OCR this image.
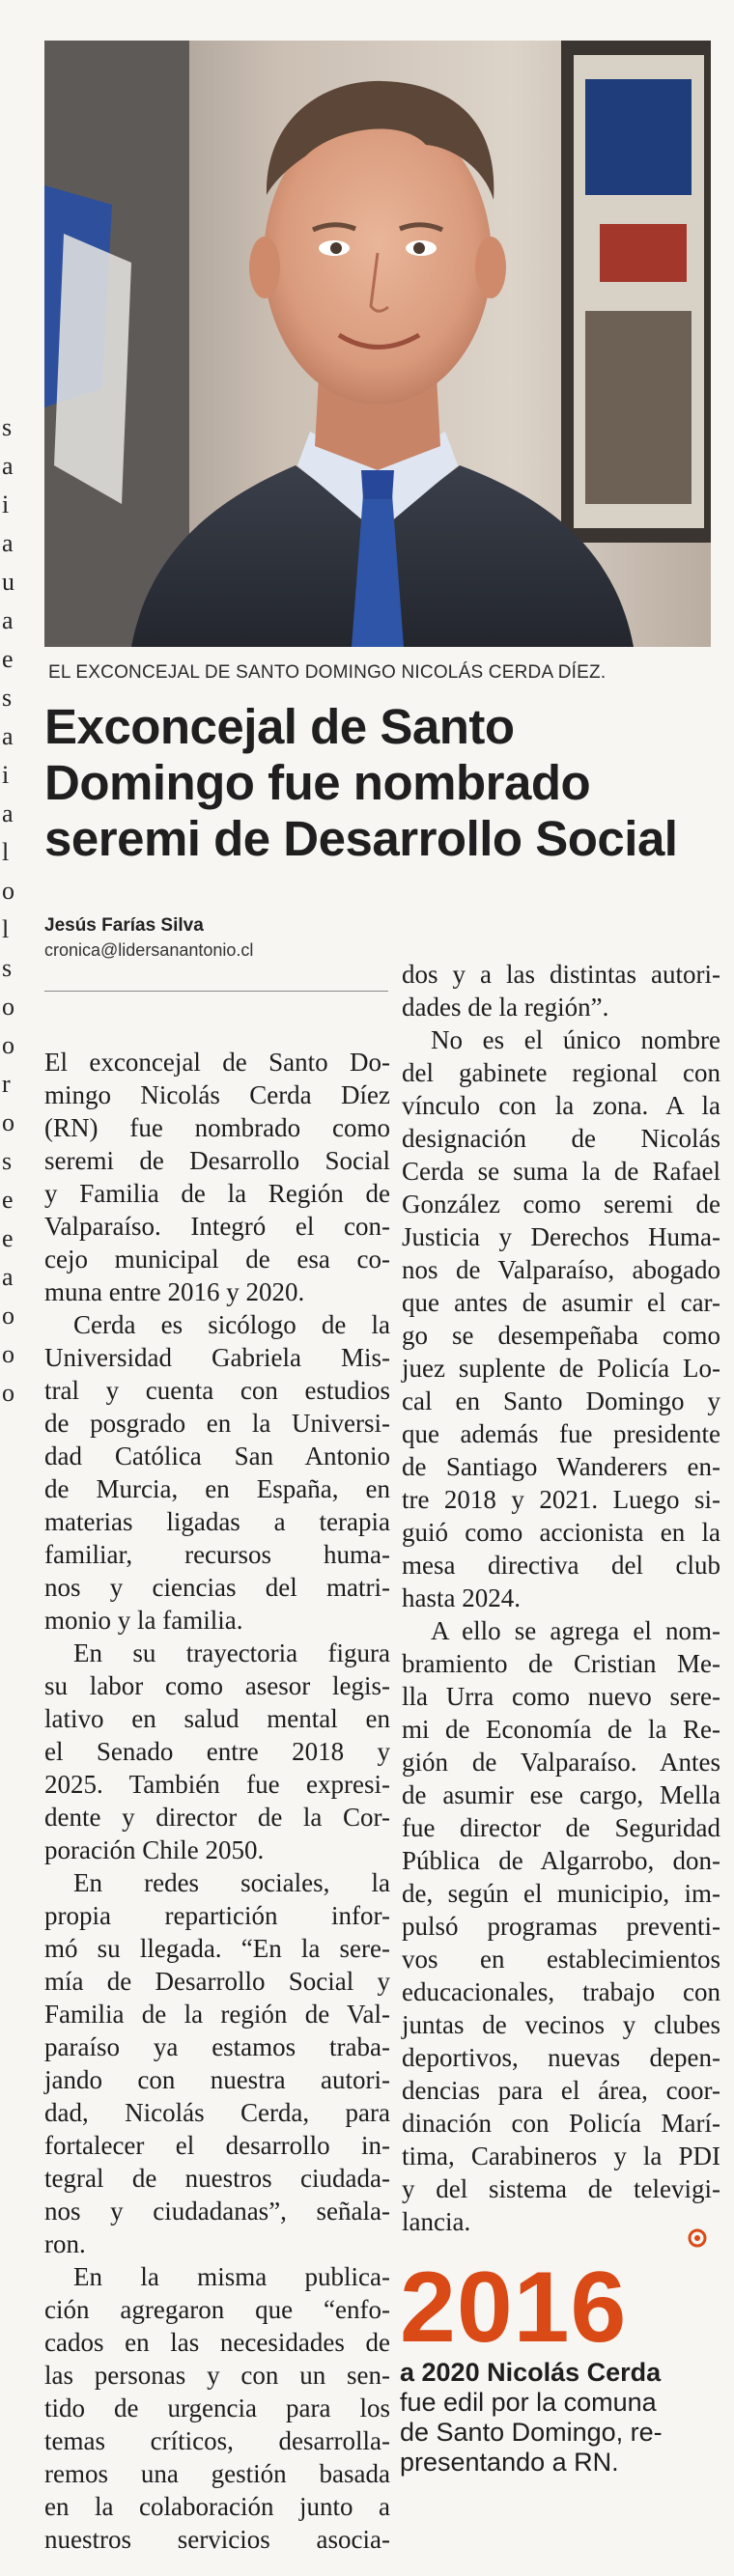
s
a
i
a
u
a
e
s
a
i
a
l
o
l
s
o
o
r
o
s
e
e
a
o
o
o
EL EXCONCEJAL DE SANTO DOMINGO NICOLÁS CERDA DÍEZ.
Exconcejal de Santo
Domingo fue nombrado
seremi de Desarrollo Social
Jesús Farías Silva
cronica@lidersanantonio.cl
El exconcejal de Santo Do-
mingo Nicolás Cerda Díez
(RN) fue nombrado como
seremi de Desarrollo Social
y Familia de la Región de
Valparaíso. Integró el con-
cejo municipal de esa co-
muna entre 2016 y 2020.
Cerda es sicólogo de la
Universidad Gabriela Mis-
tral y cuenta con estudios
de posgrado en la Universi-
dad Católica San Antonio
de Murcia, en España, en
materias ligadas a terapia
familiar, recursos huma-
nos y ciencias del matri-
monio y la familia.
En su trayectoria figura
su labor como asesor legis-
lativo en salud mental en
el Senado entre 2018 y
2025. También fue expresi-
dente y director de la Cor-
poración Chile 2050.
En redes sociales, la
propia repartición infor-
mó su llegada. “En la sere-
mía de Desarrollo Social y
Familia de la región de Val-
paraíso ya estamos traba-
jando con nuestra autori-
dad, Nicolás Cerda, para
fortalecer el desarrollo in-
tegral de nuestros ciudada-
nos y ciudadanas”, señala-
ron.
En la misma publica-
ción agregaron que “enfo-
cados en las necesidades de
las personas y con un sen-
tido de urgencia para los
temas críticos, desarrolla-
remos una gestión basada
en la colaboración junto a
nuestros servicios asocia-
dos y a las distintas autori-
dades de la región”.
No es el único nombre
del gabinete regional con
vínculo con la zona. A la
designación de Nicolás
Cerda se suma la de Rafael
González como seremi de
Justicia y Derechos Huma-
nos de Valparaíso, abogado
que antes de asumir el car-
go se desempeñaba como
juez suplente de Policía Lo-
cal en Santo Domingo y
que además fue presidente
de Santiago Wanderers en-
tre 2018 y 2021. Luego si-
guió como accionista en la
mesa directiva del club
hasta 2024.
A ello se agrega el nom-
bramiento de Cristian Me-
lla Urra como nuevo sere-
mi de Economía de la Re-
gión de Valparaíso. Antes
de asumir ese cargo, Mella
fue director de Seguridad
Pública de Algarrobo, don-
de, según el municipio, im-
pulsó programas preventi-
vos en establecimientos
educacionales, trabajo con
juntas de vecinos y clubes
deportivos, nuevas depen-
dencias para el área, coor-
dinación con Policía Marí-
tima, Carabineros y la PDI
y del sistema de televigi-
lancia.
2016
a 2020 Nicolás Cerda
fue edil por la comuna
de Santo Domingo, re-
presentando a RN.
